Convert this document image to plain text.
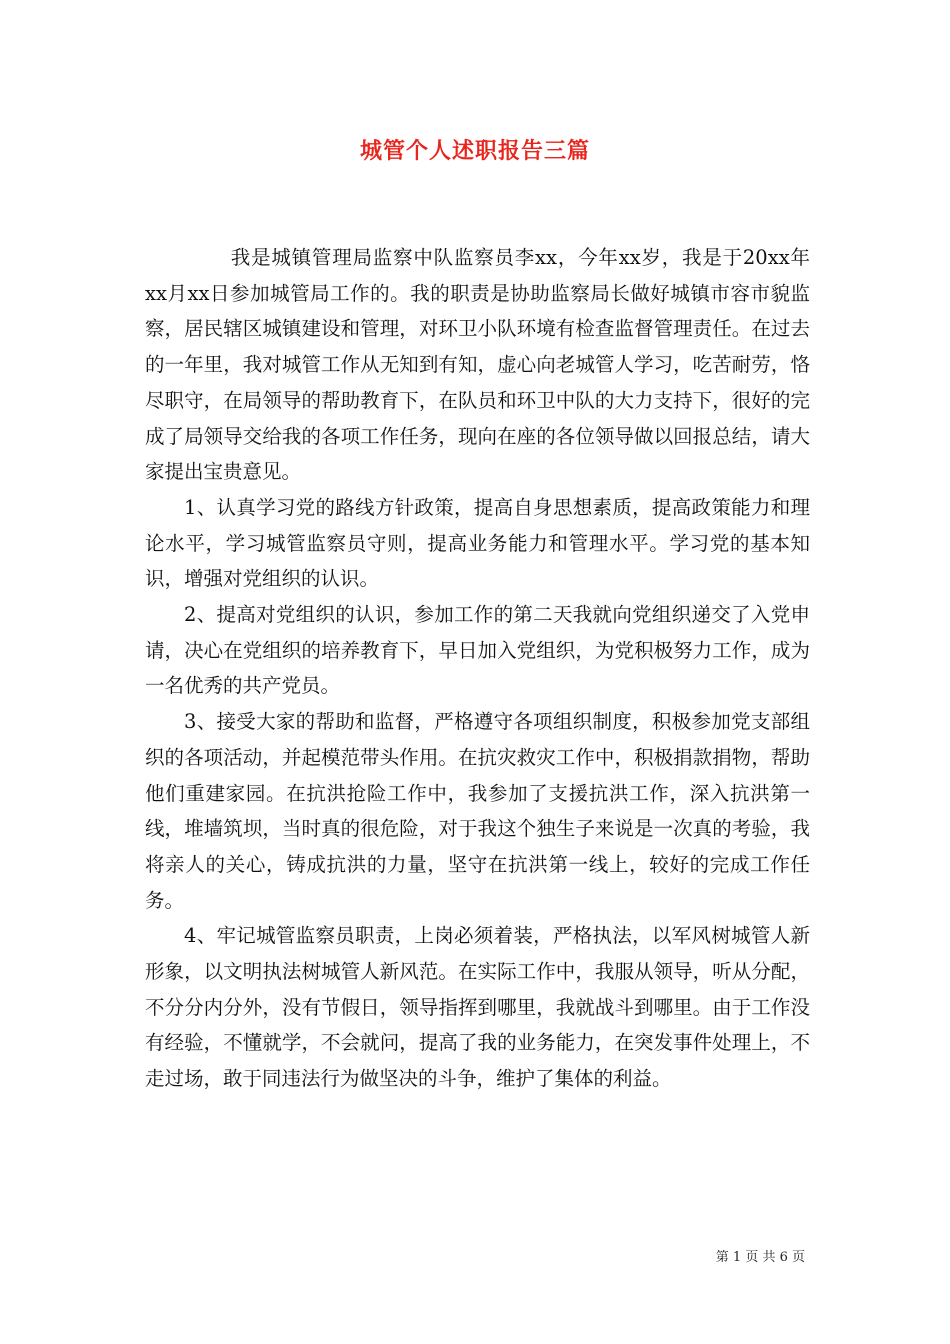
城管个人述职报告三篇

我是城镇管理局监察中队监察员李xx，今年xx岁，我是于20xx年xx月xx日参加城管局工作的。我的职责是协助监察局长做好城镇市容市貌监察，居民辖区城镇建设和管理，对环卫小队环境有检查监督管理责任。在过去的一年里，我对城管工作从无知到有知，虚心向老城管人学习，吃苦耐劳，恪尽职守，在局领导的帮助教育下，在队员和环卫中队的大力支持下，很好的完成了局领导交给我的各项工作任务，现向在座的各位领导做以回报总结，请大家提出宝贵意见。

1、认真学习党的路线方针政策，提高自身思想素质，提高政策能力和理论水平，学习城管监察员守则，提高业务能力和管理水平。学习党的基本知识，增强对党组织的认识。

2、提高对党组织的认识，参加工作的第二天我就向党组织递交了入党申请，决心在党组织的培养教育下，早日加入党组织，为党积极努力工作，成为一名优秀的共产党员。

3、接受大家的帮助和监督，严格遵守各项组织制度，积极参加党支部组织的各项活动，并起模范带头作用。在抗灾救灾工作中，积极捐款捐物，帮助他们重建家园。在抗洪抢险工作中，我参加了支援抗洪工作，深入抗洪第一线，堆墙筑坝，当时真的很危险，对于我这个独生子来说是一次真的考验，我将亲人的关心，铸成抗洪的力量，坚守在抗洪第一线上，较好的完成工作任务。

4、牢记城管监察员职责，上岗必须着装，严格执法，以军风树城管人新形象，以文明执法树城管人新风范。在实际工作中，我服从领导，听从分配，不分分内分外，没有节假日，领导指挥到哪里，我就战斗到哪里。由于工作没有经验，不懂就学，不会就问，提高了我的业务能力，在突发事件处理上，不走过场，敢于同违法行为做坚决的斗争，维护了集体的利益。

第 1 页 共 6 页
